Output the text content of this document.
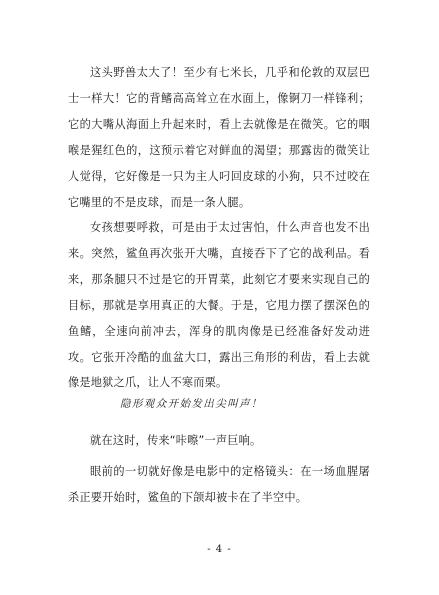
这头野兽太大了！至少有七米长，几乎和伦敦的双层巴士一样大！它的背鳍高高耸立在水面上，像锕刀一样锋利；它的大嘴从海面上升起来时，看上去就像是在微笑。它的咽喉是猩红色的，这预示着它对鲜血的渴望；那露齿的微笑让人觉得，它好像是一只为主人叼回皮球的小狗，只不过咬在它嘴里的不是皮球，而是一条人腿。

女孩想要呼救，可是由于太过害怕，什么声音也发不出来。突然，鲨鱼再次张开大嘴，直接吞下了它的战利品。看来，那条腿只不过是它的开胃菜，此刻它才要来实现自己的目标，那就是享用真正的大餐。于是，它甩力摆了摆深色的鱼鳍，全速向前冲去，浑身的肌肉像是已经准备好发动进攻。它张开冷酷的血盆大口，露出三角形的利齿，看上去就像是地狱之爪，让人不寒而栗。

隐形观众开始发出尖叫声！

就在这时，传来“咔嚓”一声巨响。

眼前的一切就好像是电影中的定格镜头：在一场血腥屠杀正要开始时，鲨鱼的下颌却被卡在了半空中。

- 4 -
